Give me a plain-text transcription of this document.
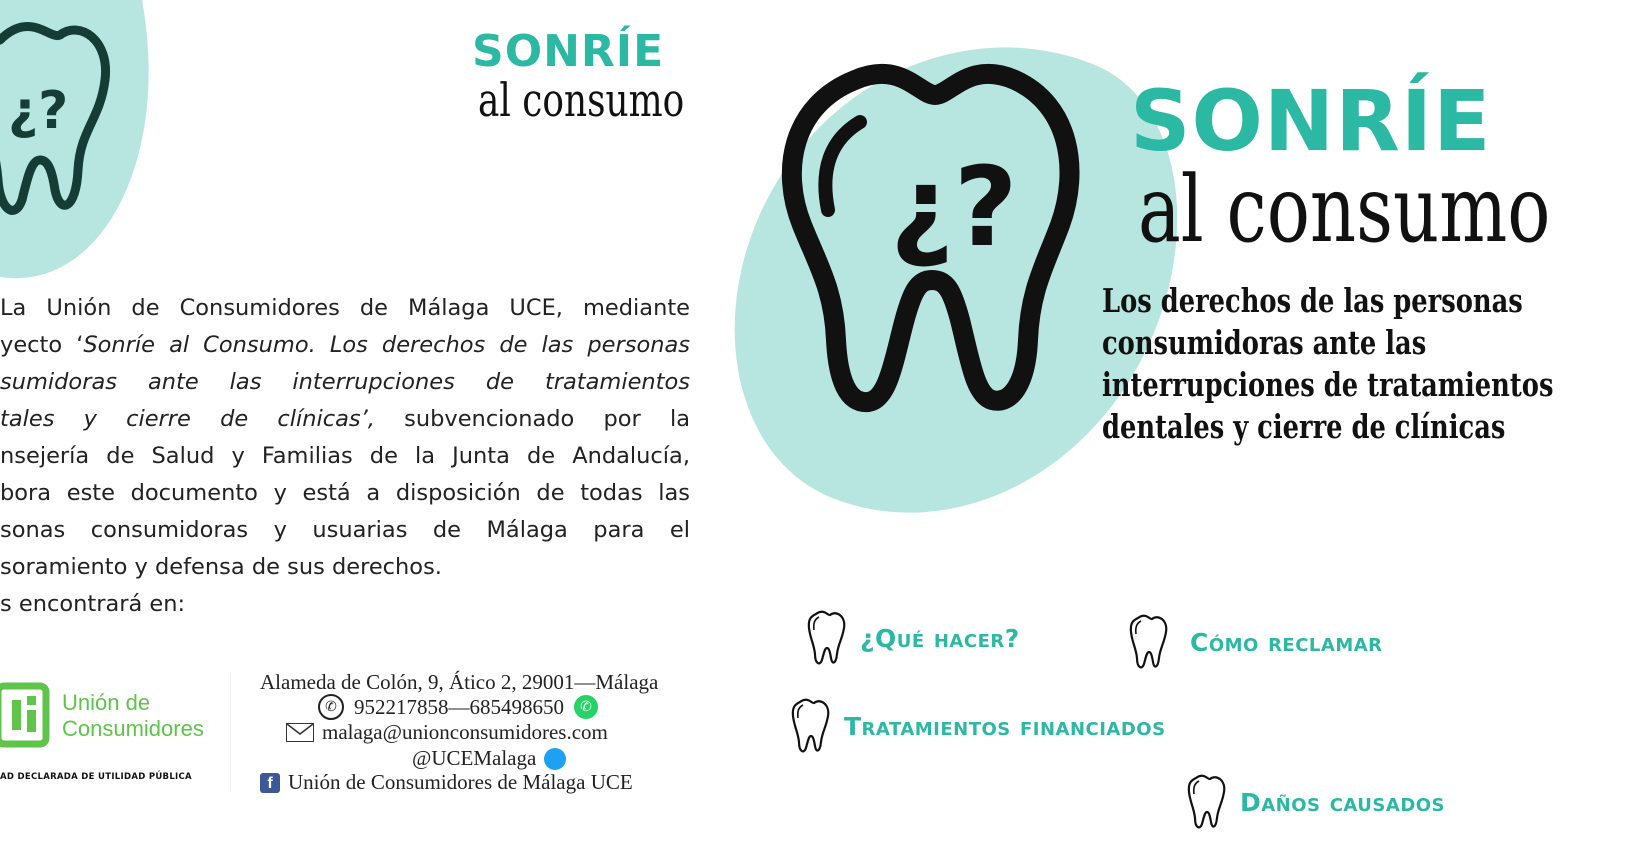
¿?
SONRÍE
al consumo

La Unión de Consumidores de Málaga UCE, mediante

yecto ‘Sonríe al Consumo. Los derechos de las personas

sumidoras ante las interrupciones de tratamientos

tales y cierre de clínicas’, subvencionado por la

nsejería de Salud y Familias de la Junta de Andalucía,

bora este documento y está a disposición de todas las

sonas consumidoras y usuarias de Málaga para el

soramiento y defensa de sus derechos.

s encontrará en:

Unión de
Consumidores
AD DECLARADA DE UTILIDAD PÚBLICA
Alameda de Colón, 9, Ático 2, 29001—Málaga
✆ 952217858—685498650	✆
malaga@unionconsumidores.com
@UCEMalaga
f Unión de Consumidores de Málaga UCE
¿?
SONRÍE
al consumo
Los derechos de las personas
consumidoras ante las
interrupciones de tratamientos
dentales y cierre de clínicas
¿Qué hacer?	Cómo reclamar
Tratamientos financiados
Daños causados
